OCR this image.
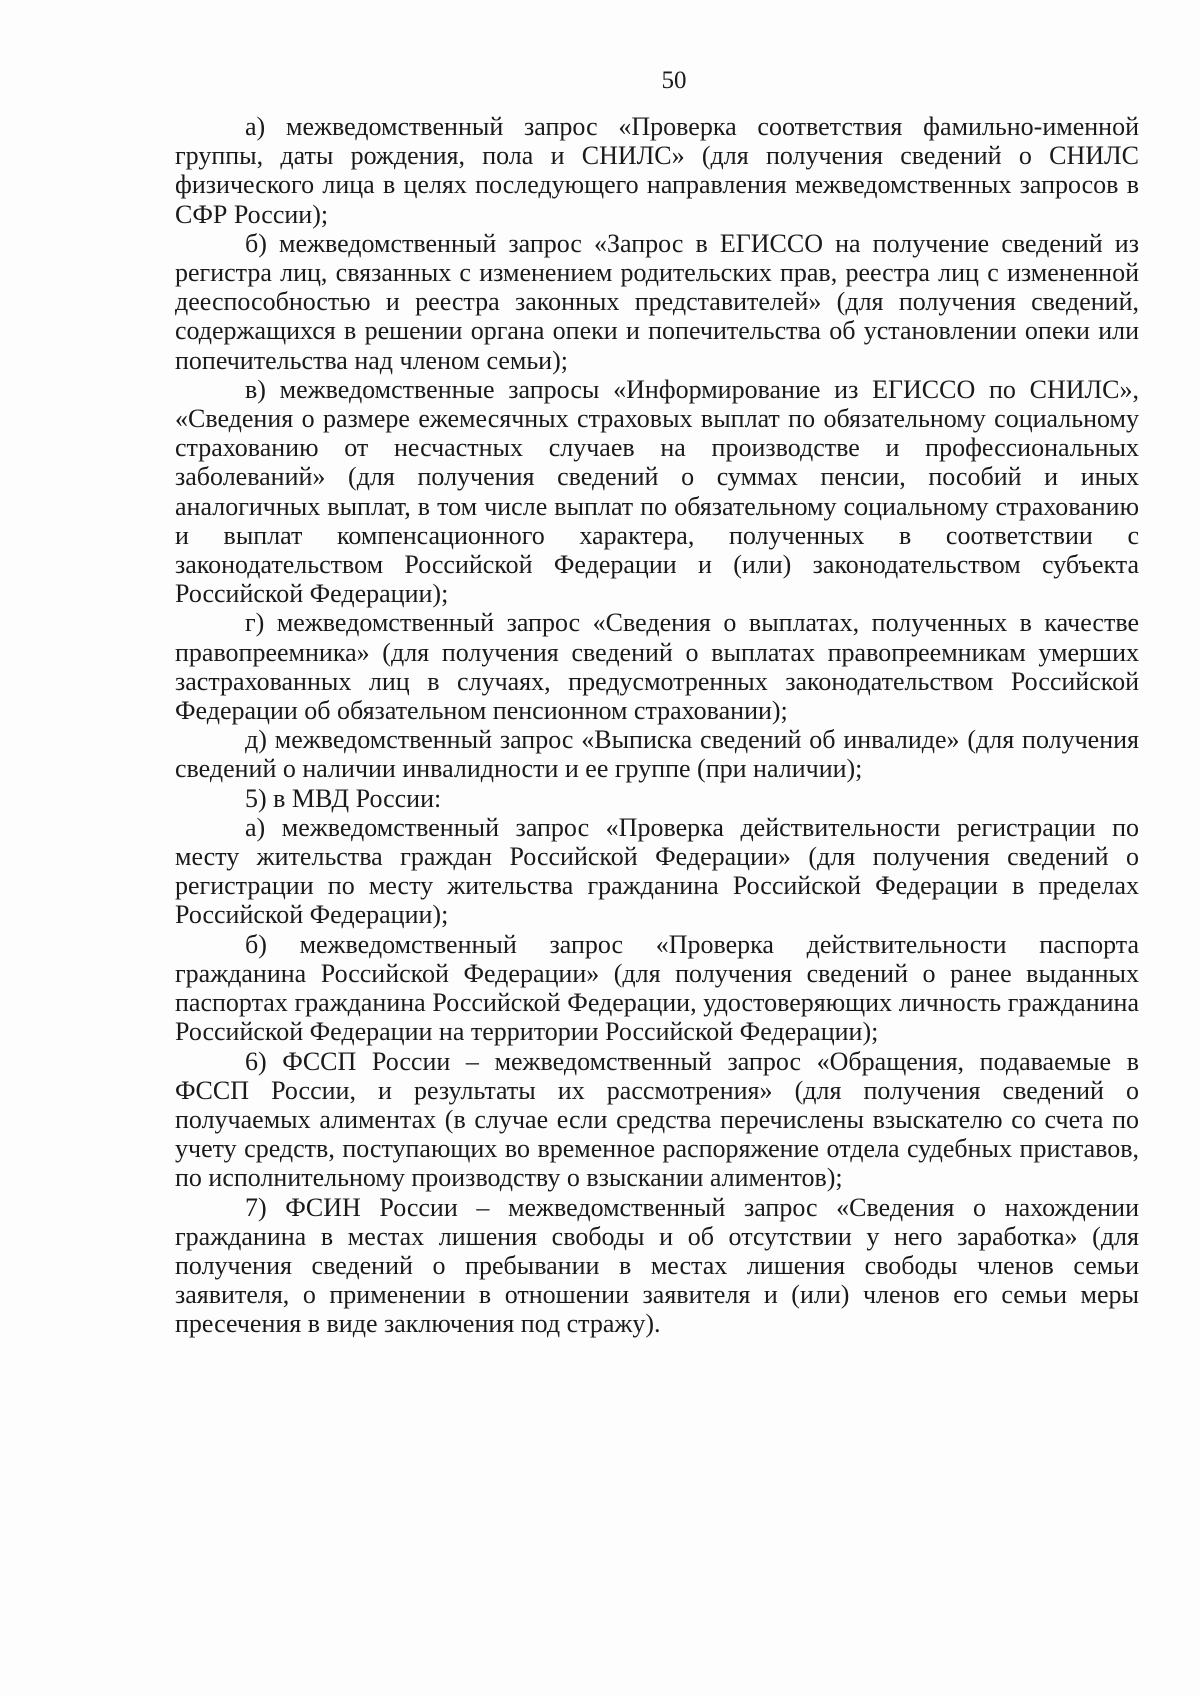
50

а) межведомственный запрос «Проверка соответствия фамильно-именной группы, даты рождения, пола и СНИЛС» (для получения сведений о СНИЛС физического лица в целях последующего направления межведомственных запросов в СФР России);

б) межведомственный запрос «Запрос в ЕГИССО на получение сведений из регистра лиц, связанных с изменением родительских прав, реестра лиц с измененной дееспособностью и реестра законных представителей» (для получения сведений, содержащихся в решении органа опеки и попечительства об установлении опеки или попечительства над членом семьи);

в) межведомственные запросы «Информирование из ЕГИССО по СНИЛС», «Сведения о размере ежемесячных страховых выплат по обязательному социальному страхованию от несчастных случаев на производстве и профессиональных заболеваний» (для получения сведений о суммах пенсии, пособий и иных аналогичных выплат, в том числе выплат по обязательному социальному страхованию и выплат компенсационного характера, полученных в соответствии с законодательством Российской Федерации и (или) законодательством субъекта Российской Федерации);

г) межведомственный запрос «Сведения о выплатах, полученных в качестве правопреемника» (для получения сведений о выплатах правопреемникам умерших застрахованных лиц в случаях, предусмотренных законодательством Российской Федерации об обязательном пенсионном страховании);

д) межведомственный запрос «Выписка сведений об инвалиде» (для получения сведений о наличии инвалидности и ее группе (при наличии);

5) в МВД России:

а) межведомственный запрос «Проверка действительности регистрации по месту жительства граждан Российской Федерации» (для получения сведений о регистрации по месту жительства гражданина Российской Федерации в пределах Российской Федерации);

б) межведомственный запрос «Проверка действительности паспорта гражданина Российской Федерации» (для получения сведений о ранее выданных паспортах гражданина Российской Федерации, удостоверяющих личность гражданина Российской Федерации на территории Российской Федерации);

6) ФССП России – межведомственный запрос «Обращения, подаваемые в ФССП России, и результаты их рассмотрения» (для получения сведений о получаемых алиментах (в случае если средства перечислены взыскателю со счета по учету средств, поступающих во временное распоряжение отдела судебных приставов, по исполнительному производству о взыскании алиментов);

7) ФСИН России – межведомственный запрос «Сведения о нахождении гражданина в местах лишения свободы и об отсутствии у него заработка» (для получения сведений о пребывании в местах лишения свободы членов семьи заявителя, о применении в отношении заявителя и (или) членов его семьи меры пресечения в виде заключения под стражу).
